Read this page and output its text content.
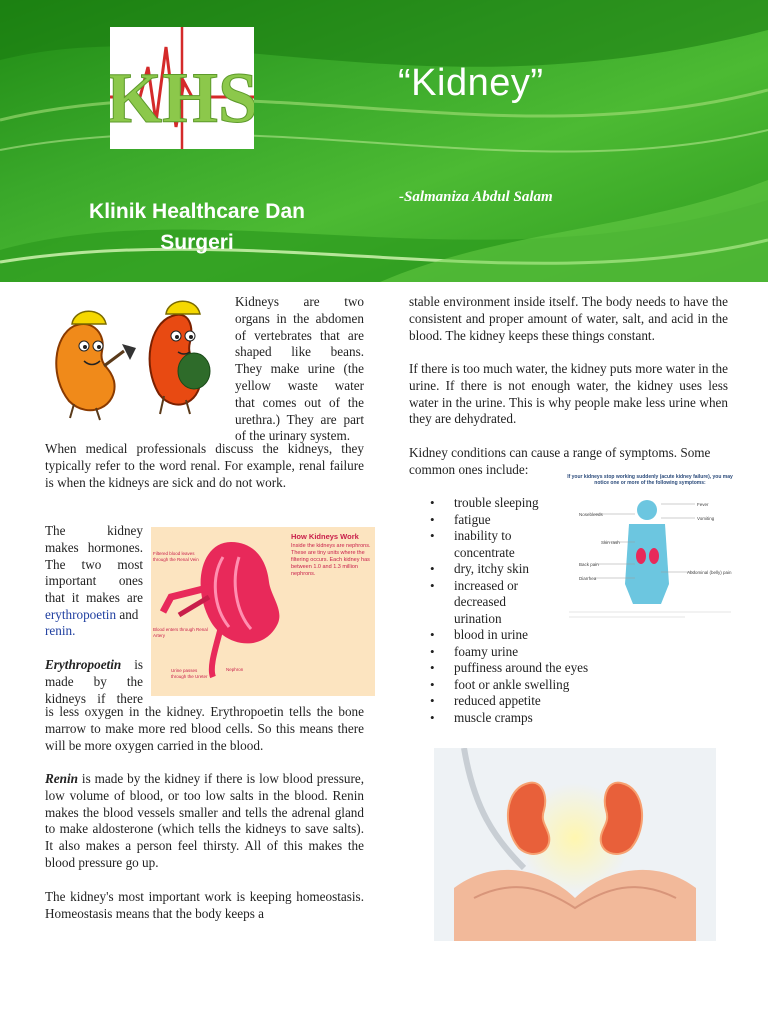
KHS	“Kidney”
-Salmaniza Abdul Salam
Klinik Healthcare Dan
Surgeri
Kidneys are two
organs in the abdomen
of vertebrates that are
shaped like beans.
They make urine (the
yellow waste water
that comes out of the
urethra.) They are part
of the urinary system.
When medical professionals discuss the kidneys, they typically refer to the word renal. For example, renal failure is when the kidneys are sick and do not work.
How Kidneys Work
Inside the kidneys are nephrons. These are tiny units where the filtering occurs. Each kidney has between 1.0 and 1.3 million nephrons.
Filtered blood leaves through the Renal Vein
Blood enters through Renal Artery
Urine passes through the Ureter
Nephron
The kidney
makes hormones.
The two most
important ones
that it makes are
erythropoetin and
renin.
Erythropoetin is
made by the
kidneys if there
is less oxygen in the kidney. Erythropoetin tells the bone marrow to make more red blood cells. So this means there will be more oxygen carried in the blood.
Renin is made by the kidney if there is low blood pressure, low volume of blood, or too low salts in the blood. Renin makes the blood vessels smaller and tells the adrenal gland to make aldosterone (which tells the kidneys to save salts). It also makes a person feel thirsty. All of this makes the blood pressure go up.
The kidney's most important work is keeping homeostasis. Homeostasis means that the body keeps a
stable environment inside itself. The body needs to have the consistent and proper amount of water, salt, and acid in the blood. The kidney keeps these things constant.
If there is too much water, the kidney puts more water in the urine. If there is not enough water, the kidney uses less water in the urine. This is why people make less urine when they are dehydrated.
Kidney conditions can cause a range of symptoms. Some common ones include:
• trouble sleeping
• fatigue
• inability to
concentrate
• dry, itchy skin
• increased or
decreased
urination
• blood in urine
• foamy urine
• puffiness around the eyes
• foot or ankle swelling
• reduced appetite
• muscle cramps
If your kidneys stop working suddenly (acute kidney failure), you may notice one or more of the following symptoms:
Nosebleeds
Fever
Vomiting
Skin rash
Back pain
Diarrhea
Abdominal (belly) pain
